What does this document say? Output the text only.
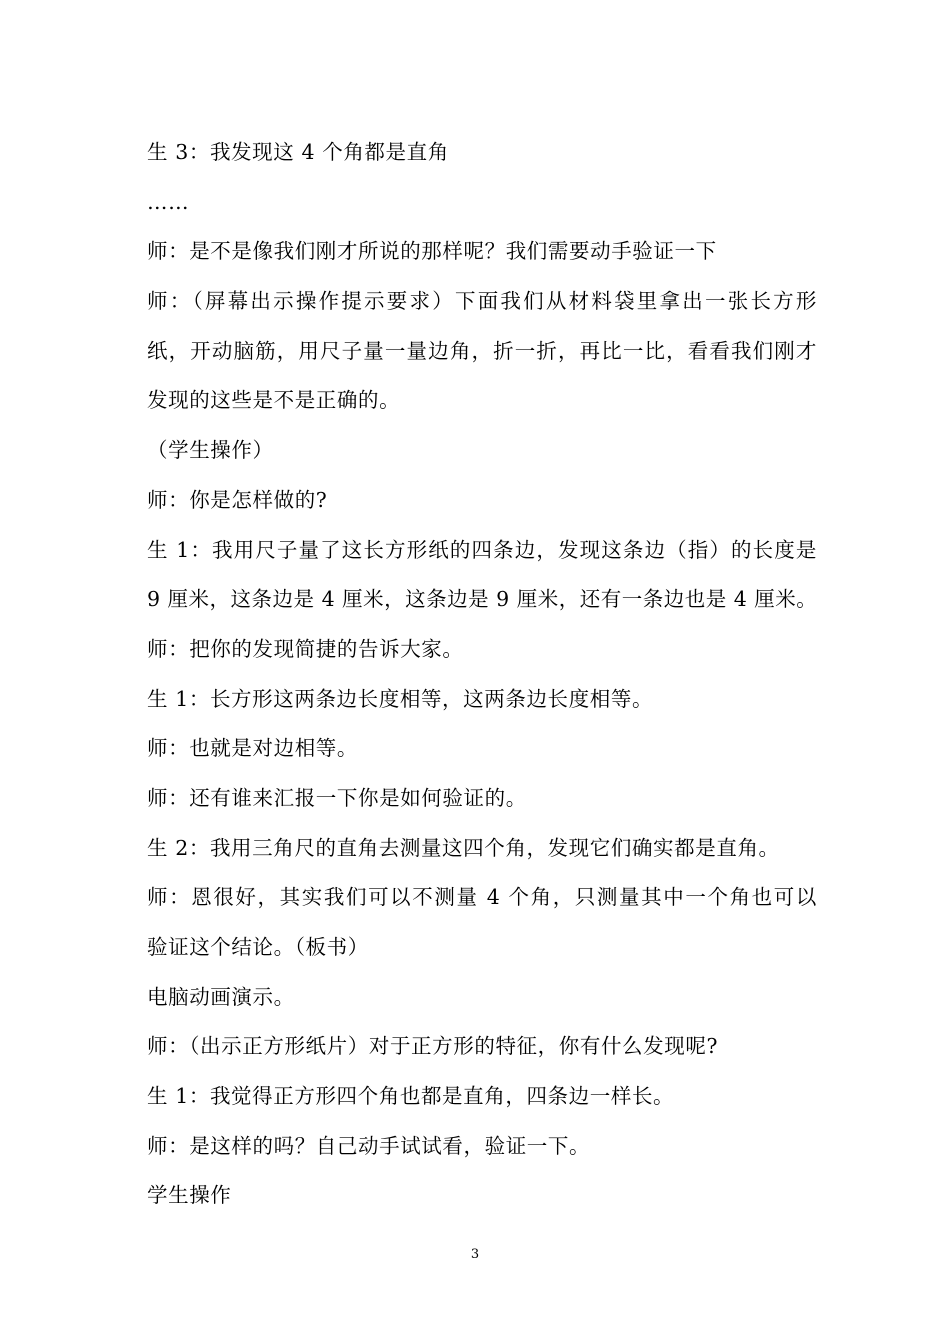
生 3：我发现这 4 个角都是直角
……
师：是不是像我们刚才所说的那样呢？我们需要动手验证一下
师：（屏幕出示操作提示要求）下面我们从材料袋里拿出一张长方形
纸，开动脑筋，用尺子量一量边角，折一折，再比一比，看看我们刚才
发现的这些是不是正确的。
（学生操作）
师：你是怎样做的?
生 1：我用尺子量了这长方形纸的四条边，发现这条边（指）的长度是
9 厘米，这条边是 4 厘米，这条边是 9 厘米，还有一条边也是 4 厘米。
师：把你的发现简捷的告诉大家。
生 1：长方形这两条边长度相等，这两条边长度相等。
师：也就是对边相等。
师：还有谁来汇报一下你是如何验证的。
生 2：我用三角尺的直角去测量这四个角，发现它们确实都是直角。
师：恩很好，其实我们可以不测量 4 个角，只测量其中一个角也可以
验证这个结论。（板书）
电脑动画演示。
师：（出示正方形纸片）对于正方形的特征，你有什么发现呢?
生 1：我觉得正方形四个角也都是直角，四条边一样长。
师：是这样的吗？自己动手试试看，验证一下。
学生操作
3
